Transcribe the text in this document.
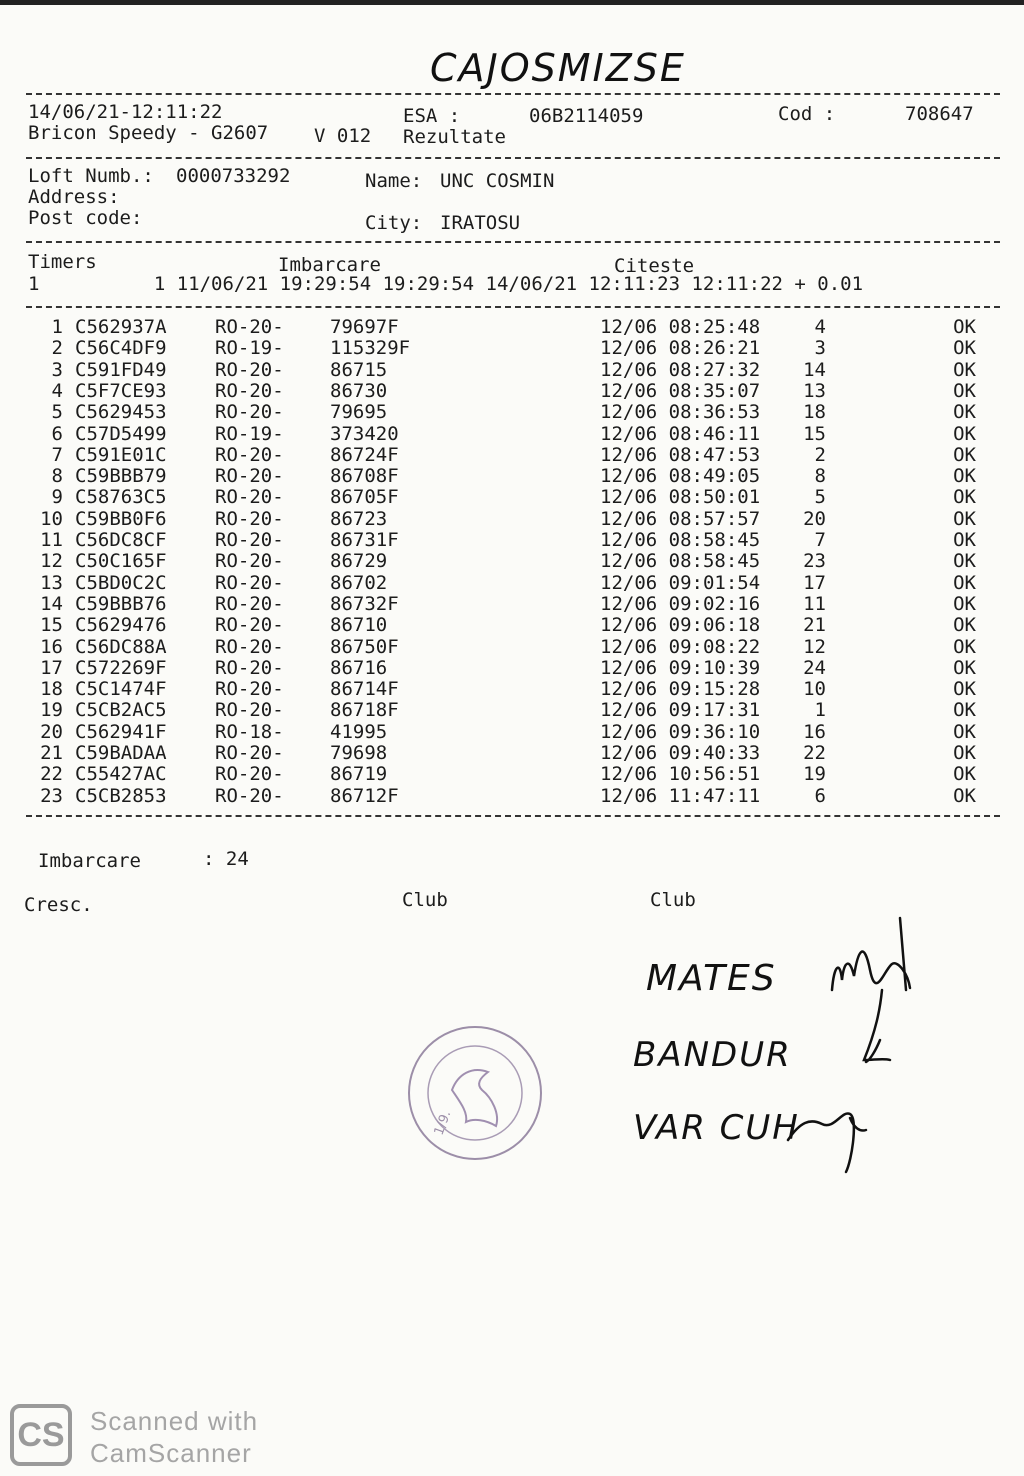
CAJOSMIZSE
14/06/21-12:11:22	ESA :	06B2114059	Cod :	708647
Bricon Speedy - G2607 V 012 Rezultate
Loft Numb.: 0000733292	Name: UNC COSMIN
Address:
Post code:	City: IRATOSU
Timers	Imbarcare	Citeste
1          1 11/06/21 19:29:54 19:29:54 14/06/21 12:11:23 12:11:22 + 0.01
1 C562937A	RO-20- 79697F	12/06 08:25:48	4	OK
2 C56C4DF9	RO-19- 115329F	12/06 08:26:21	3	OK
3 C591FD49	RO-20- 86715	12/06 08:27:32	14	OK
4 C5F7CE93	RO-20- 86730	12/06 08:35:07	13	OK
5 C5629453	RO-20- 79695	12/06 08:36:53	18	OK
6 C57D5499	RO-19- 373420	12/06 08:46:11	15	OK
7 C591E01C	RO-20- 86724F	12/06 08:47:53	2	OK
8 C59BBB79	RO-20- 86708F	12/06 08:49:05	8	OK
9 C58763C5	RO-20- 86705F	12/06 08:50:01	5	OK
10 C59BB0F6	RO-20- 86723	12/06 08:57:57	20	OK
11 C56DC8CF	RO-20- 86731F	12/06 08:58:45	7	OK
12 C50C165F	RO-20- 86729	12/06 08:58:45	23	OK
13 C5BD0C2C	RO-20- 86702	12/06 09:01:54	17	OK
14 C59BBB76	RO-20- 86732F	12/06 09:02:16	11	OK
15 C5629476	RO-20- 86710	12/06 09:06:18	21	OK
16 C56DC88A	RO-20- 86750F	12/06 09:08:22	12	OK
17 C572269F	RO-20- 86716	12/06 09:10:39	24	OK
18 C5C1474F	RO-20- 86714F	12/06 09:15:28	10	OK
19 C5CB2AC5	RO-20- 86718F	12/06 09:17:31	1	OK
20 C562941F	RO-18- 41995	12/06 09:36:10	16	OK
21 C59BADAA	RO-20- 79698	12/06 09:40:33	22	OK
22 C55427AC	RO-20- 86719	12/06 10:56:51	19	OK
23 C5CB2853	RO-20- 86712F	12/06 11:47:11	6	OK
Imbarcare	: 24
Cresc.	Club	Club
MATES
BANDUR
VAR CUH
1/9.
CS Scanned with
CamScanner
